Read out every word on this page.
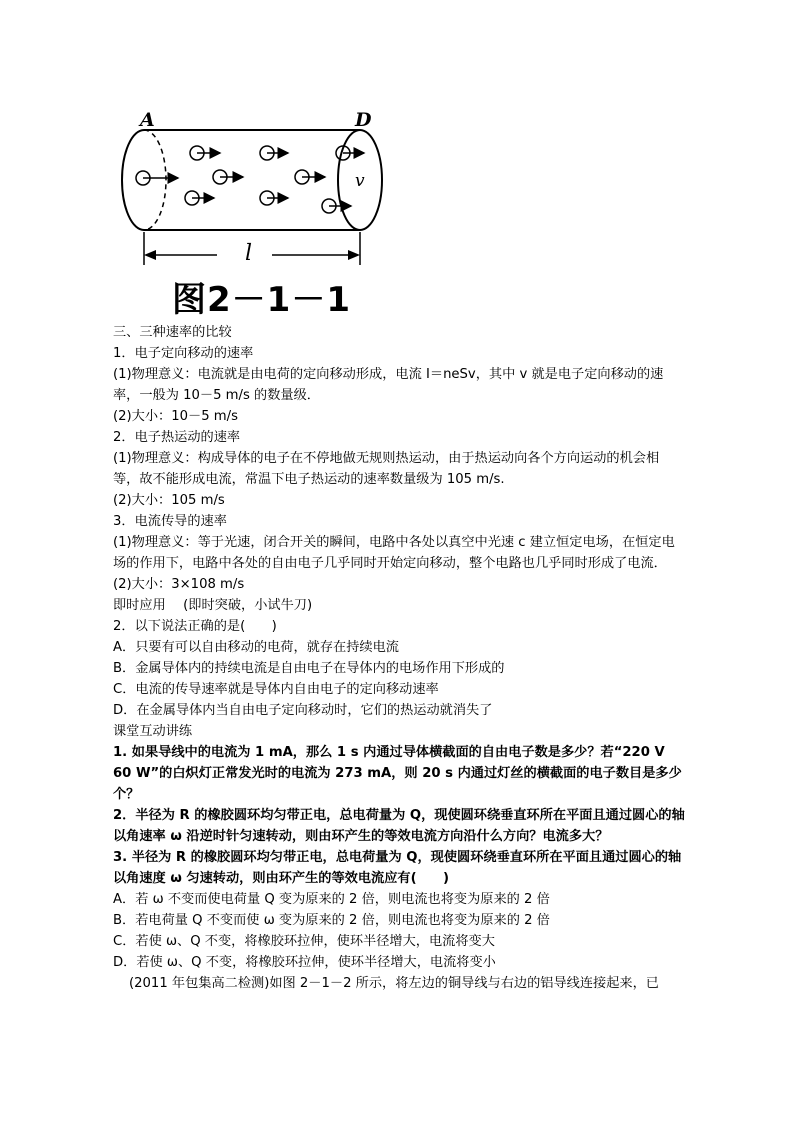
A	D
v
l
图2－1－1

三、三种速率的比较

1．电子定向移动的速率

(1)物理意义：电流就是由电荷的定向移动形成，电流 I＝neSv，其中 v 就是电子定向移动的速率，一般为 10－5 m/s 的数量级．

(2)大小：10－5 m/s

2．电子热运动的速率

(1)物理意义：构成导体的电子在不停地做无规则热运动，由于热运动向各个方向运动的机会相等，故不能形成电流，常温下电子热运动的速率数量级为 105 m/s.

(2)大小：105 m/s

3．电流传导的速率

(1)物理意义：等于光速，闭合开关的瞬间，电路中各处以真空中光速 c 建立恒定电场，在恒定电场的作用下，电路中各处的自由电子几乎同时开始定向移动，整个电路也几乎同时形成了电流．

(2)大小：3×108 m/s

即时应用　 (即时突破，小试牛刀)

2．以下说法正确的是(　　)

A．只要有可以自由移动的电荷，就存在持续电流

B．金属导体内的持续电流是自由电子在导体内的电场作用下形成的

C．电流的传导速率就是导体内自由电子的定向移动速率

D．在金属导体内当自由电子定向移动时，它们的热运动就消失了

课堂互动讲练

1. 如果导线中的电流为 1 mA，那么 1 s 内通过导体横截面的自由电子数是多少？若“220 V　60 W”的白炽灯正常发光时的电流为 273 mA，则 20 s 内通过灯丝的横截面的电子数目是多少个？

2．半径为 R 的橡胶圆环均匀带正电，总电荷量为 Q，现使圆环绕垂直环所在平面且通过圆心的轴以角速率 ω 沿逆时针匀速转动，则由环产生的等效电流方向沿什么方向？电流多大？

3. 半径为 R 的橡胶圆环均匀带正电，总电荷量为 Q，现使圆环绕垂直环所在平面且通过圆心的轴以角速度 ω 匀速转动，则由环产生的等效电流应有(　　)

A．若 ω 不变而使电荷量 Q 变为原来的 2 倍，则电流也将变为原来的 2 倍

B．若电荷量 Q 不变而使 ω 变为原来的 2 倍，则电流也将变为原来的 2 倍

C．若使 ω、Q 不变，将橡胶环拉伸，使环半径增大，电流将变大

D．若使 ω、Q 不变，将橡胶环拉伸，使环半径增大，电流将变小

(2011 年包集高二检测)如图 2－1－2 所示，将左边的铜导线与右边的铝导线连接起来，已
